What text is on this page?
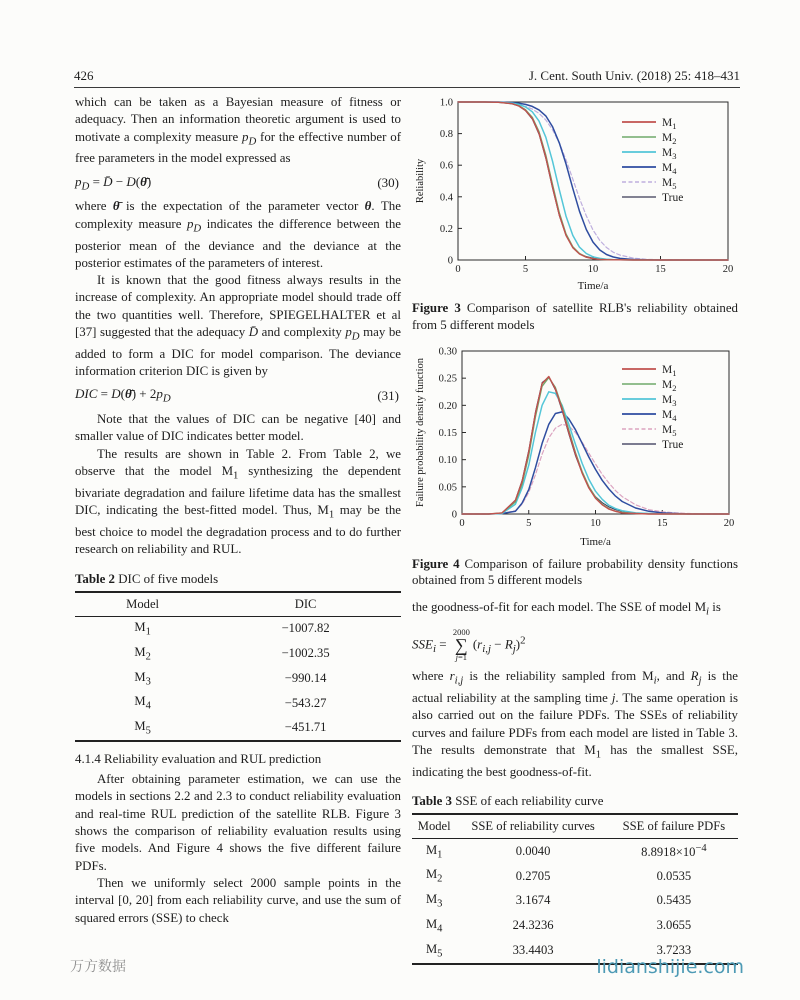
426	J. Cent. South Univ. (2018) 25: 418–431

which can be taken as a Bayesian measure of fitness or adequacy. Then an information theoretic argument is used to motivate a complexity measure $p_D$ for the effective number of free parameters in the model expressed as

$p_D$ = D̄ − D(θ̄)	(30)

where θ̄ is the expectation of the parameter vector θ. The complexity measure $p_D$ indicates the difference between the posterior mean of the deviance and the deviance at the posterior estimates of the parameters of interest.

It is known that the good fitness always results in the increase of complexity. An appropriate model should trade off the two quantities well. Therefore, SPIEGELHALTER et al [37] suggested that the adequacy D̄ and complexity $p_D$ may be added to form a DIC for model comparison. The deviance information criterion DIC is given by

DIC = D(θ̄) + $2p_D$	(31)

Note that the values of DIC can be negative [40] and smaller value of DIC indicates better model.

The results are shown in Table 2. From Table 2, we observe that the model $M_1$ synthesizing the dependent bivariate degradation and failure lifetime data has the smallest DIC, indicating the best-fitted model. Thus, $M_1$ may be the best choice to model the degradation process and to do further research on reliability and RUL.

Table 2 DIC of five models
Model	DIC
$M_1$	−1007.82
$M_2$	−1002.35
$M_3$	−990.14
$M_4$	−543.27
$M_5$	−451.71
4.1.4 Reliability evaluation and RUL prediction

After obtaining parameter estimation, we can use the models in sections 2.2 and 2.3 to conduct reliability evaluation and real-time RUL prediction of the satellite RLB. Figure 3 shows the comparison of reliability evaluation results using five models. And Figure 4 shows the five different failure PDFs.

Then we uniformly select 2000 sample points in the interval [0, 20] from each reliability curve, and use the sum of squared errors (SSE) to check

0	5	10	15	20
0
0.2
0.4
0.6
0.8
1.0
Time/a
Reliability
$M_1$
$M_2$
$M_3$
$M_4$
$M_5$
True
Figure 3 Comparison of satellite RLB's reliability obtained from 5 different models
0	5	10	15	20
0
0.05
0.10
0.15
0.20
0.25
0.30
Time/a
Failure probability density function	$M_1$
$M_2$
$M_3$
$M_4$
$M_5$
True
Figure 4 Comparison of failure probability density functions obtained from 5 different models

the goodness-of-fit for each model. The SSE of model $M_i$ is

$SSE_i$ =
2000
∑
j=1
$(r_{i,j} - R_j)^2$

where $r_{i,j}$ is the reliability sampled from $M_i$, and $R_j$ is the actual reliability at the sampling time j. The same operation is also carried out on the failure PDFs. The SSEs of reliability curves and failure PDFs from each model are listed in Table 3. The results demonstrate that $M_1$ has the smallest SSE, indicating the best goodness-of-fit.

Table 3 SSE of each reliability curve
Model	SSE of reliability curves	SSE of failure PDFs
$M_1$	0.0040	$8.8918\times 10^{-4}$
$M_2$	0.2705	0.0535
$M_3$	3.1674	0.5435
$M_4$	24.3236	3.0655
$M_5$	33.4403	3.7233
万方数据	lidianshijie.com
